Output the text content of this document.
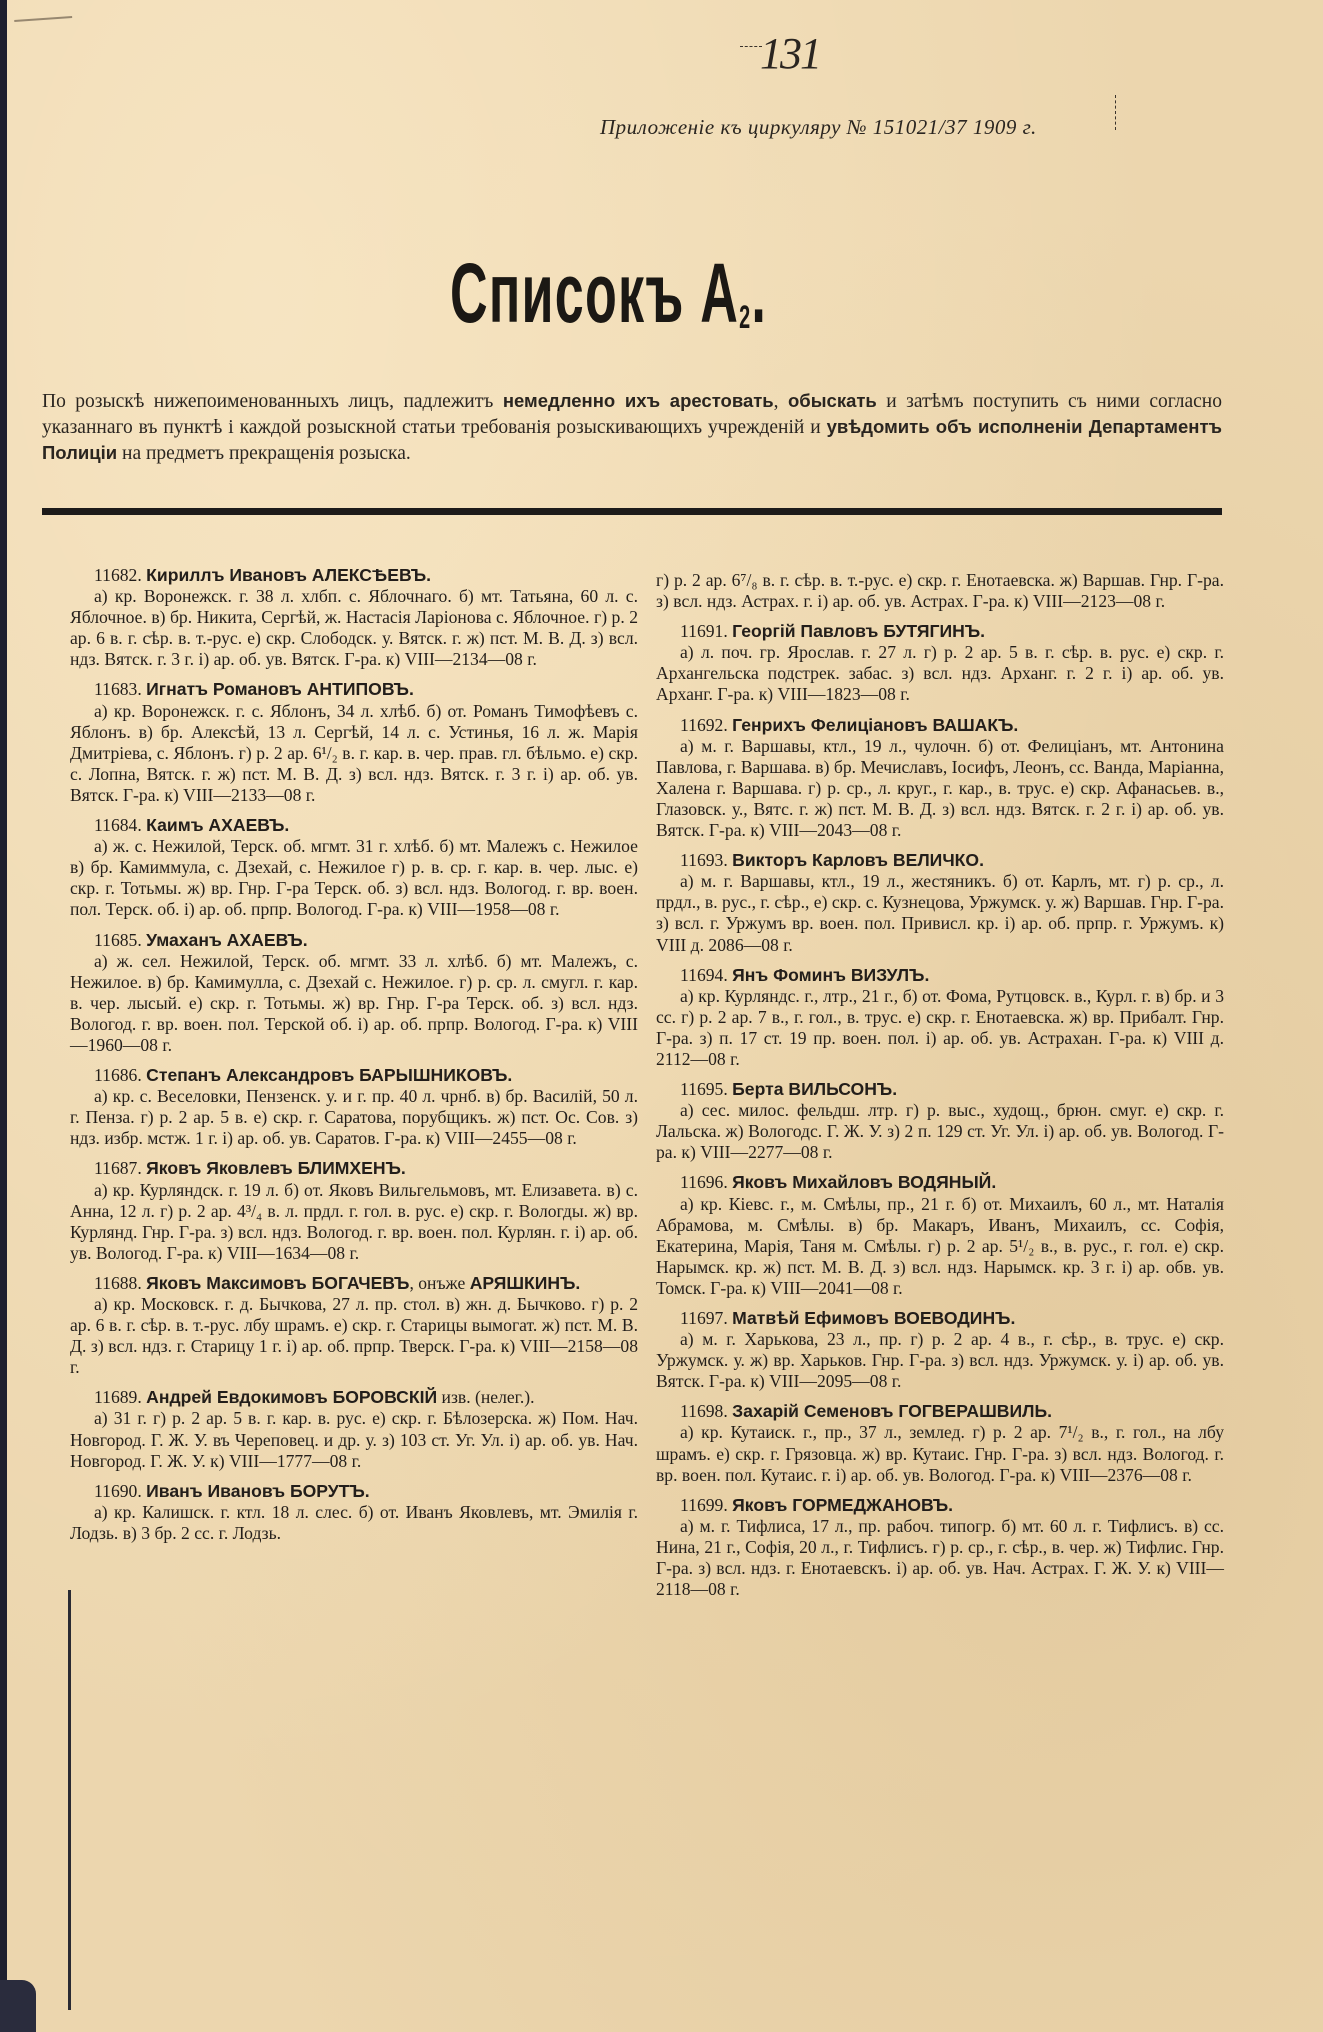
131
Приложеніе къ циркуляру № 151021/37 1909 г.
Списокъ $А_2$.
По розыскѣ нижепоименованныхъ лицъ, падлежитъ немедленно ихъ арестовать, обыскать и затѣмъ поступить съ ними согласно указаннаго въ пунктѣ і каждой розыскной статьи требованія розыскивающихъ учрежденій и увѣдомить объ исполненіи Департаментъ Полиціи на предметъ прекращенія розыска.
11682. Кириллъ Ивановъ АЛЕКСѢЕВЪ.
а) кр. Воронежск. г. 38 л. хлбп. с. Яблочнаго. б) мт. Татьяна, 60 л. с. Яблочное. в) бр. Никита, Сергѣй, ж. Настасія Ларіонова с. Яблочное. г) р. 2 ар. 6 в. г. сѣр. в. т.-рус. е) скр. Слободск. у. Вятск. г. ж) пст. М. В. Д. з) вcл. ндз. Вятск. г. 3 г. і) ар. об. ув. Вятск. Г-ра. к) VIII—2134—08 г.
11683. Игнатъ Романовъ АНТИПОВЪ.
а) кр. Воронежск. г. с. Яблонъ, 34 л. хлѣб. б) от. Романъ Тимофѣевъ с. Яблонъ. в) бр. Алексѣй, 13 л. Сергѣй, 14 л. с. Устинья, 16 л. ж. Марія Дмитріева, с. Яблонъ. г) р. 2 ар. 6¹/₂ в. г. кар. в. чер. прав. гл. бѣльмо. е) скр. с. Лопна, Вятск. г. ж) пст. М. В. Д. з) вcл. ндз. Вятск. г. 3 г. і) ар. об. ув. Вятск. Г-ра. к) VIII—2133—08 г.
11684. Каимъ АХАЕВЪ.
а) ж. с. Нежилой, Терск. об. мгмт. 31 г. хлѣб. б) мт. Малежъ с. Нежилое в) бр. Камиммула, с. Дзехай, с. Нежилое г) р. в. ср. г. кар. в. чер. лыс. е) скр. г. Тотьмы. ж) вр. Гнр. Г-ра Терск. об. з) вcл. ндз. Вологод. г. вр. воен. пол. Терск. об. і) ар. об. прпр. Вологод. Г-ра. к) VIII—1958—08 г.
11685. Умаханъ АХАЕВЪ.
а) ж. сел. Нежилой, Терск. об. мгмт. 33 л. хлѣб. б) мт. Малежъ, с. Нежилое. в) бр. Камимулла, с. Дзехай с. Нежилое. г) р. ср. л. смугл. г. кар. в. чер. лысый. е) скр. г. Тотьмы. ж) вр. Гнр. Г-ра Терск. об. з) вcл. ндз. Вологод. г. вр. воен. пол. Терской об. і) ар. об. прпр. Вологод. Г-ра. к) VIII—1960—08 г.
11686. Степанъ Александровъ БАРЫШНИКОВЪ.
а) кр. с. Веселовки, Пензенск. у. и г. пр. 40 л. чрнб. в) бр. Василій, 50 л. г. Пенза. г) р. 2 ар. 5 в. е) скр. г. Саратова, порубщикъ. ж) пст. Ос. Сов. з) ндз. избр. мстж. 1 г. і) ар. об. ув. Саратов. Г-ра. к) VIII—2455—08 г.
11687. Яковъ Яковлевъ БЛИМХЕНЪ.
а) кр. Курляндск. г. 19 л. б) от. Яковъ Вильгельмовъ, мт. Елизавета. в) с. Анна, 12 л. г) р. 2 ар. 4³/₄ в. л. прдл. г. гол. в. рус. е) скр. г. Вологды. ж) вр. Курлянд. Гнр. Г-ра. з) вcл. ндз. Вологод. г. вр. воен. пол. Курлян. г. і) ар. об. ув. Вологод. Г-ра. к) VIII—1634—08 г.
11688. Яковъ Максимовъ БОГАЧЕВЪ, онъже АРЯШКИНЪ.
а) кр. Московск. г. д. Бычкова, 27 л. пр. стол. в) жн. д. Бычково. г) р. 2 ар. 6 в. г. сѣр. в. т.-рус. лбу шрамъ. е) скр. г. Старицы вымогат. ж) пст. М. В. Д. з) вcл. ндз. г. Старицу 1 г. і) ар. об. прпр. Тверск. Г-ра. к) VIII—2158—08 г.
11689. Андрей Евдокимовъ БОРОВСКІЙ изв. (нелег.).
а) 31 г. г) р. 2 ар. 5 в. г. кар. в. рус. е) скр. г. Бѣлозерска. ж) Пом. Нач. Новгород. Г. Ж. У. въ Череповец. и др. у. з) 103 ст. Уг. Ул. і) ар. об. ув. Нач. Новгород. Г. Ж. У. к) VIII—1777—08 г.
11690. Иванъ Ивановъ БОРУТЪ.
а) кр. Калишск. г. ктл. 18 л. слес. б) от. Иванъ Яковлевъ, мт. Эмилія г. Лодзь. в) 3 бр. 2 сс. г. Лодзь.
г) р. 2 ар. 6⁷/₈ в. г. сѣр. в. т.-рус. е) скр. г. Енотаевска. ж) Варшав. Гнр. Г-ра. з) вcл. ндз. Астрах. г. і) ар. об. ув. Астрах. Г-ра. к) VIII—2123—08 г.
11691. Георгій Павловъ БУТЯГИНЪ.
а) л. поч. гр. Ярослав. г. 27 л. г) р. 2 ар. 5 в. г. сѣр. в. рус. е) скр. г. Архангельска подстрек. забас. з) вcл. ндз. Арханг. г. 2 г. і) ар. об. ув. Арханг. Г-ра. к) VIII—1823—08 г.
11692. Генрихъ Фелиціановъ ВАШАКЪ.
а) м. г. Варшавы, ктл., 19 л., чулочн. б) от. Фелиціанъ, мт. Антонина Павлова, г. Варшава. в) бр. Мечиславъ, Іосифъ, Леонъ, сс. Ванда, Маріанна, Халена г. Варшава. г) р. ср., л. круг., г. кар., в. трус. е) скр. Афанасьев. в., Глазовск. у., Вятс. г. ж) пст. М. В. Д. з) вcл. ндз. Вятск. г. 2 г. і) ар. об. ув. Вятск. Г-ра. к) VIII—2043—08 г.
11693. Викторъ Карловъ ВЕЛИЧКО.
а) м. г. Варшавы, ктл., 19 л., жестяникъ. б) от. Карлъ, мт. г) р. ср., л. прдл., в. рус., г. сѣр., е) скр. с. Кузнецова, Уржумск. у. ж) Варшав. Гнр. Г-ра. з) вcл. г. Уржумъ вр. воен. пол. Привисл. кр. і) ар. об. прпр. г. Уржумъ. к) VIII д. 2086—08 г.
11694. Янъ Фоминъ ВИЗУЛЪ.
а) кр. Курляндс. г., лтр., 21 г., б) от. Фома, Рутцовск. в., Курл. г. в) бр. и 3 сс. г) р. 2 ар. 7 в., г. гол., в. трус. е) скр. г. Енотаевска. ж) вр. Прибалт. Гнр. Г-ра. з) п. 17 ст. 19 пр. воен. пол. і) ар. об. ув. Астрахан. Г-ра. к) VIII д. 2112—08 г.
11695. Берта ВИЛЬСОНЪ.
а) сес. милос. фельдш. лтр. г) р. выс., худощ., брюн. смуг. е) скр. г. Лальска. ж) Вологодс. Г. Ж. У. з) 2 п. 129 ст. Уг. Ул. і) ар. об. ув. Вологод. Г-ра. к) VIII—2277—08 г.
11696. Яковъ Михайловъ ВОДЯНЫЙ.
а) кр. Кіевс. г., м. Смѣлы, пр., 21 г. б) от. Михаилъ, 60 л., мт. Наталія Абрамова, м. Смѣлы. в) бр. Макаръ, Иванъ, Михаилъ, сс. Софія, Екатерина, Марія, Таня м. Смѣлы. г) р. 2 ар. 5¹/₂ в., в. рус., г. гол. е) скр. Нарымск. кр. ж) пст. М. В. Д. з) вcл. ндз. Нарымск. кр. 3 г. і) ар. обв. ув. Томск. Г-ра. к) VIII—2041—08 г.
11697. Матвѣй Ефимовъ ВОЕВОДИНЪ.
а) м. г. Харькова, 23 л., пр. г) р. 2 ар. 4 в., г. сѣр., в. трус. е) скр. Уржумск. у. ж) вр. Харьков. Гнр. Г-ра. з) вcл. ндз. Уржумск. у. і) ар. об. ув. Вятск. Г-ра. к) VIII—2095—08 г.
11698. Захарій Семеновъ ГОГВЕРАШВИЛЬ.
а) кр. Кутаиск. г., пр., 37 л., землед. г) р. 2 ар. 7¹/₂ в., г. гол., на лбу шрамъ. е) скр. г. Грязовца. ж) вр. Кутаис. Гнр. Г-ра. з) вcл. ндз. Вологод. г. вр. воен. пол. Кутаис. г. і) ар. об. ув. Вологод. Г-ра. к) VIII—2376—08 г.
11699. Яковъ ГОРМЕДЖАНОВЪ.
а) м. г. Тифлиса, 17 л., пр. рабоч. типогр. б) мт. 60 л. г. Тифлисъ. в) сс. Нина, 21 г., Софія, 20 л., г. Тифлисъ. г) р. ср., г. сѣр., в. чер. ж) Тифлис. Гнр. Г-ра. з) вcл. ндз. г. Енотаевскъ. і) ар. об. ув. Нач. Астрах. Г. Ж. У. к) VIII—2118—08 г.
